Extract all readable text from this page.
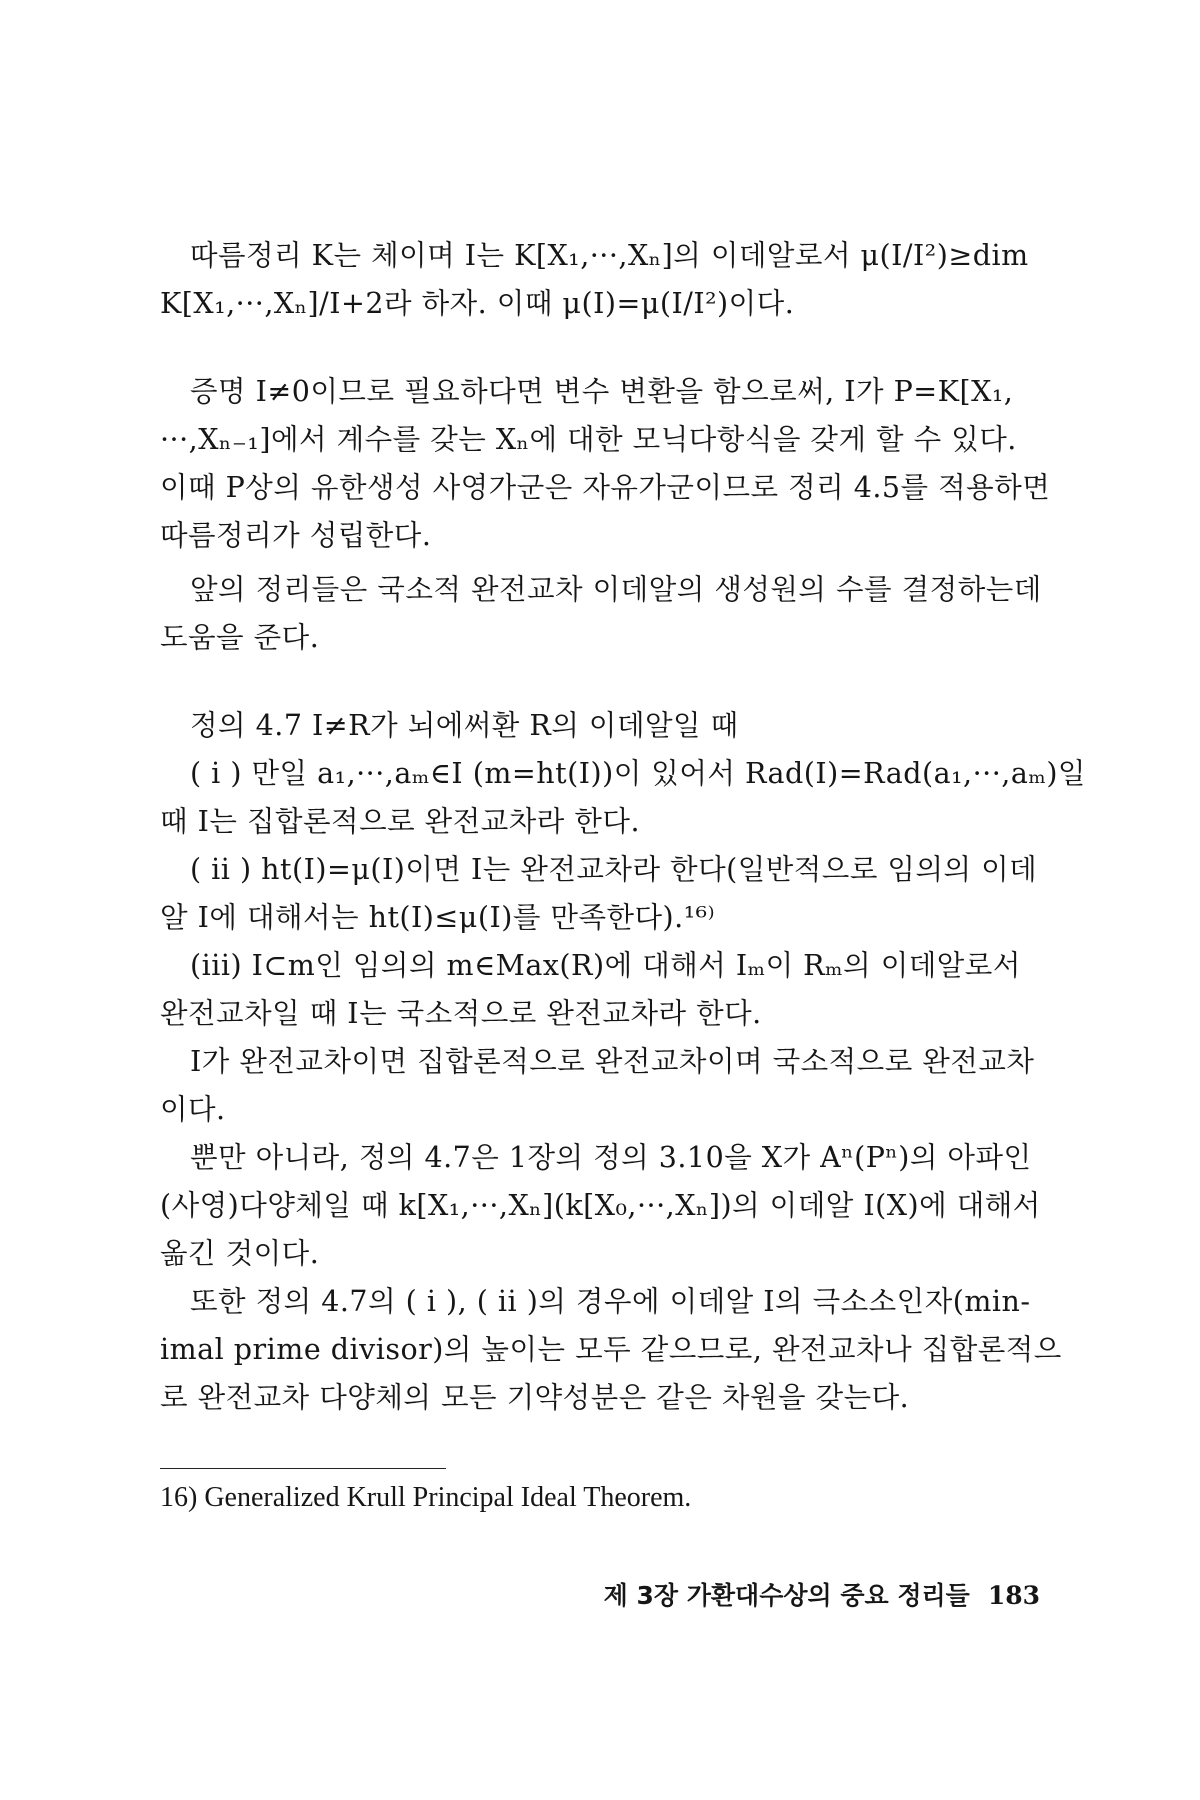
따름정리 K는 체이며 I는 K[X₁,···,Xₙ]의 이데알로서 μ(I/I²)≥dim
K[X₁,···,Xₙ]/I+2라 하자. 이때 μ(I)=μ(I/I²)이다.
증명 I≠0이므로 필요하다면 변수 변환을 함으로써, I가 P=K[X₁,
···,Xₙ₋₁]에서 계수를 갖는 Xₙ에 대한 모닉다항식을 갖게 할 수 있다.
이때 P상의 유한생성 사영가군은 자유가군이므로 정리 4.5를 적용하면
따름정리가 성립한다.
앞의 정리들은 국소적 완전교차 이데알의 생성원의 수를 결정하는데
도움을 준다.
정의 4.7 I≠R가 뇌에써환 R의 이데알일 때
( i ) 만일 a₁,···,aₘ∈I (m=ht(I))이 있어서 Rad(I)=Rad(a₁,···,aₘ)일
때 I는 집합론적으로 완전교차라 한다.
( ii ) ht(I)=μ(I)이면 I는 완전교차라 한다(일반적으로 임의의 이데
알 I에 대해서는 ht(I)≤μ(I)를 만족한다).¹⁶⁾
(iii) I⊂m인 임의의 m∈Max(R)에 대해서 Iₘ이 Rₘ의 이데알로서
완전교차일 때 I는 국소적으로 완전교차라 한다.
I가 완전교차이면 집합론적으로 완전교차이며 국소적으로 완전교차
이다.
뿐만 아니라, 정의 4.7은 1장의 정의 3.10을 X가 Aⁿ(Pⁿ)의 아파인
(사영)다양체일 때 k[X₁,···,Xₙ](k[X₀,···,Xₙ])의 이데알 I(X)에 대해서
옮긴 것이다.
또한 정의 4.7의 ( i ), ( ii )의 경우에 이데알 I의 극소소인자(min-
imal prime divisor)의 높이는 모두 같으므로, 완전교차나 집합론적으
로 완전교차 다양체의 모든 기약성분은 같은 차원을 갖는다.
16) Generalized Krull Principal Ideal Theorem.
제 3장 가환대수상의 중요 정리들 183
